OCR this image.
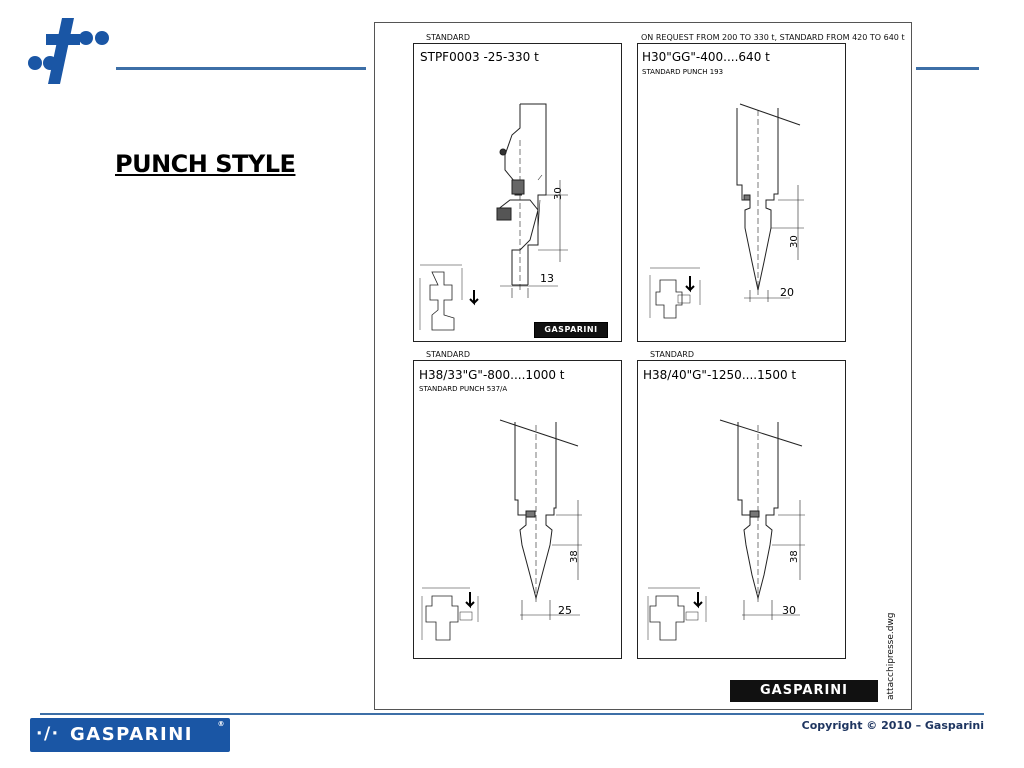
PUNCH STYLE
STANDARD
STPF0003 -25-330 t
30
13
GASPARINI
ON REQUEST FROM 200 TO 330 t, STANDARD FROM 420 TO 640 t
H30"GG"-400....640 t
STANDARD PUNCH 193
30
20
STANDARD
H38/33"G"-800....1000 t
STANDARD PUNCH 537/A
38
25
STANDARD
H38/40"G"-1250....1500 t
38
30
attacchipresse.dwg
GASPARINI
·/· GASPARINI	®	Copyright © 2010 – Gasparini
